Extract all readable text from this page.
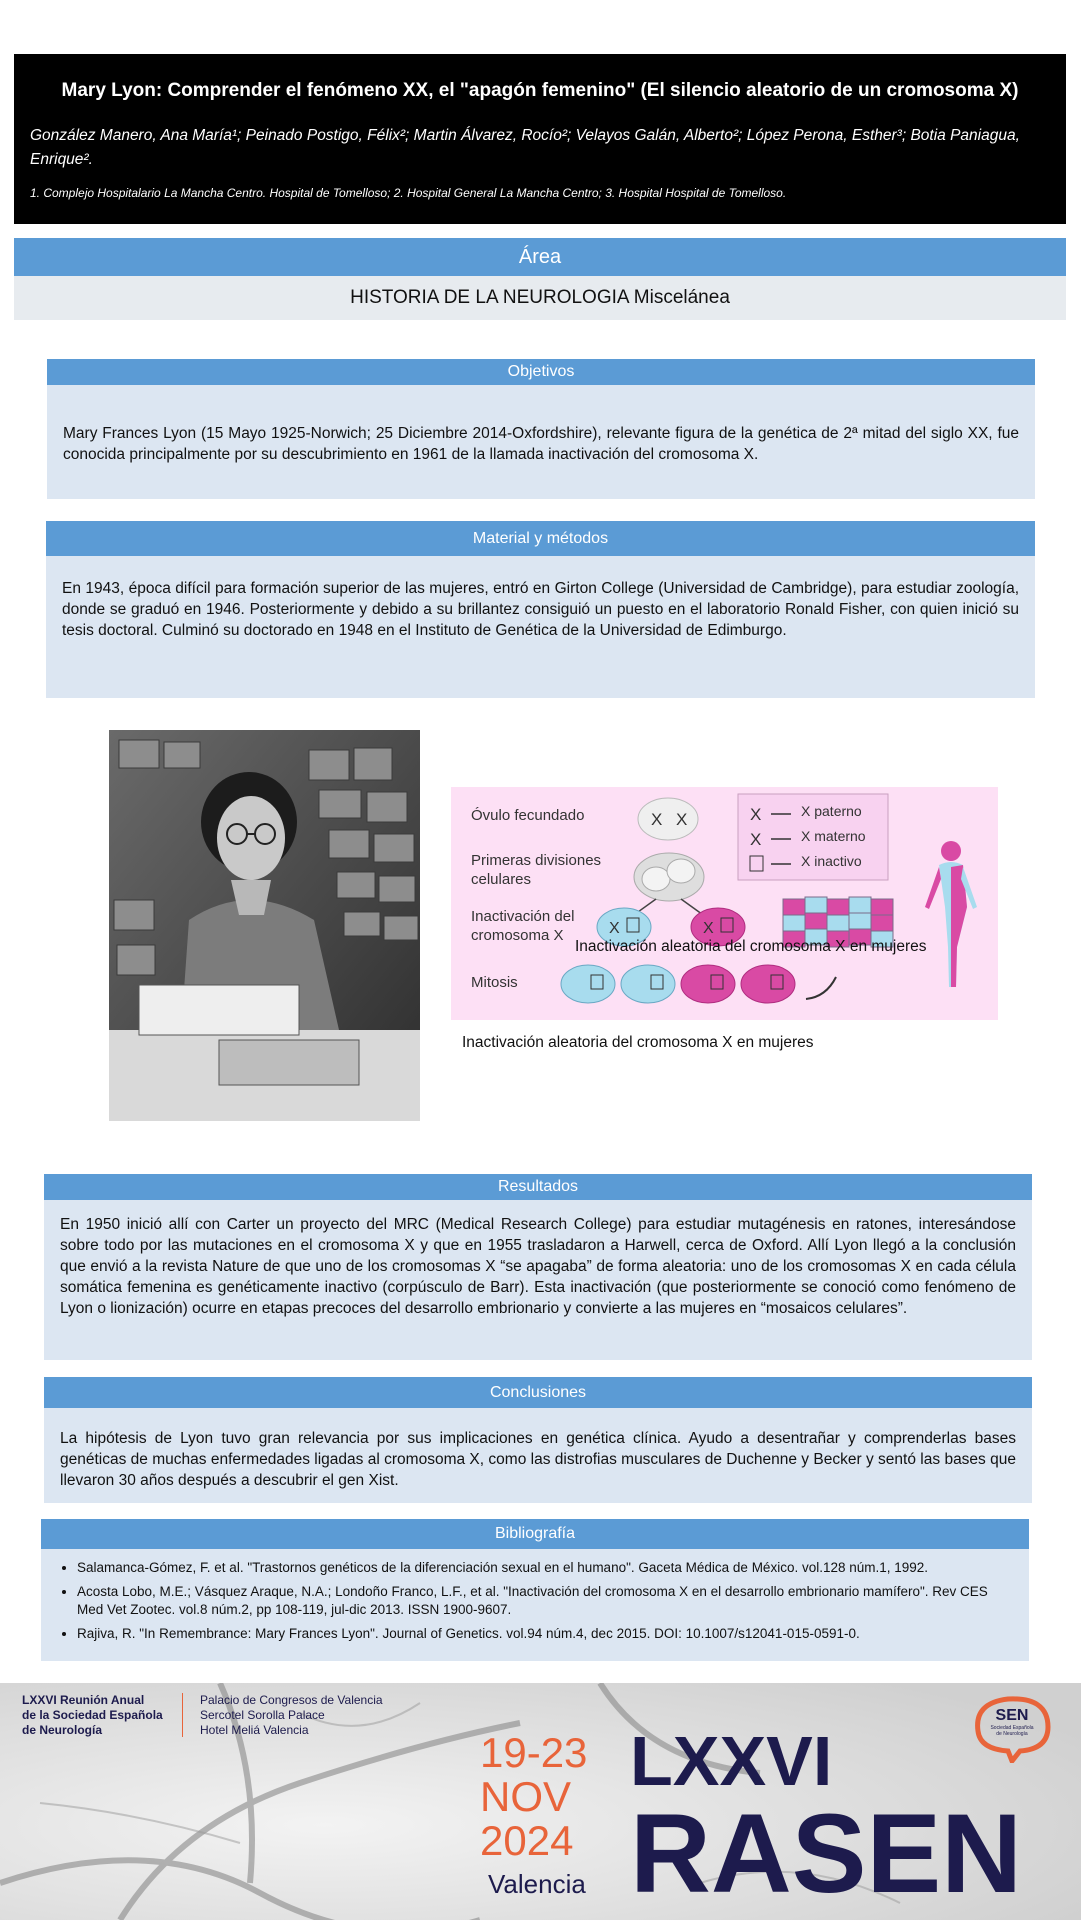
Mary Lyon: Comprender el fenómeno XX, el "apagón femenino" (El silencio aleatorio de un cromosoma X)
González Manero, Ana María¹; Peinado Postigo, Félix²; Martin Álvarez, Rocío²; Velayos Galán, Alberto²; López Perona, Esther³; Botia Paniagua, Enrique².
1. Complejo Hospitalario La Mancha Centro. Hospital de Tomelloso; 2. Hospital General La Mancha Centro; 3. Hospital Hospital de Tomelloso.
Área
HISTORIA DE LA NEUROLOGIA Miscelánea
Objetivos

Mary Frances Lyon (15 Mayo 1925-Norwich; 25 Diciembre 2014-Oxfordshire), relevante figura de la genética de 2ª mitad del siglo XX, fue conocida principalmente por su descubrimiento en 1961 de la llamada inactivación del cromosoma X.

Material y métodos

En 1943, época difícil para formación superior de las mujeres, entró en Girton College (Universidad de Cambridge), para estudiar zoología, donde se graduó en 1946. Posteriormente y debido a su brillantez consiguió un puesto en el laboratorio Ronald Fisher, con quien inició su tesis doctoral. Culminó su doctorado en 1948 en el Instituto de Genética de la Universidad de Edimburgo.

Óvulo fecundado
Primeras divisiones
celulares
Inactivación del
cromosoma X
Mitosis
X X
X	X
X
X
X paterno
X materno
X inactivo
Inactivación aleatoria del cromosoma X en mujeres
Inactivación aleatoria del cromosoma X en mujeres
Resultados

En 1950 inició allí con Carter un proyecto del MRC (Medical Research College) para estudiar mutagénesis en ratones, interesándose sobre todo por las mutaciones en el cromosoma X y que en 1955 trasladaron a Harwell, cerca de Oxford. Allí Lyon llegó a la conclusión que envió a la revista Nature de que uno de los cromosomas X “se apagaba” de forma aleatoria: uno de los cromosomas X en cada célula somática femenina es genéticamente inactivo (corpúsculo de Barr). Esta inactivación (que posteriormente se conoció como fenómeno de Lyon o lionización) ocurre en etapas precoces del desarrollo embrionario y convierte a las mujeres en “mosaicos celulares”.

Conclusiones

La hipótesis de Lyon tuvo gran relevancia por sus implicaciones en genética clínica. Ayudo a desentrañar y comprenderlas bases genéticas de muchas enfermedades ligadas al cromosoma X, como las distrofias musculares de Duchenne y Becker y sentó las bases que llevaron 30 años después a descubrir el gen Xist.

Bibliografía
• Salamanca-Gómez, F. et al. "Trastornos genéticos de la diferenciación sexual en el humano". Gaceta Médica de México. vol.128 núm.1, 1992.
• Acosta Lobo, M.E.; Vásquez Araque, N.A.; Londoño Franco, L.F., et al. "Inactivación del cromosoma X en el desarrollo embrionario mamífero". Rev CES Med Vet Zootec. vol.8 núm.2, pp 108-119, jul-dic 2013. ISSN 1900-9607.
• Rajiva, R. "In Remembrance: Mary Frances Lyon". Journal of Genetics. vol.94 núm.4, dec 2015. DOI: 10.1007/s12041-015-0591-0.
LXXVI Reunión Anual
de la Sociedad Española
de Neurología
Palacio de Congresos de Valencia
Sercotel Sorolla Palace
Hotel Meliá Valencia	19-23
NOV
2024
Valencia
LXXVI
RASEN
SEN
Sociedad Española
de Neurología
